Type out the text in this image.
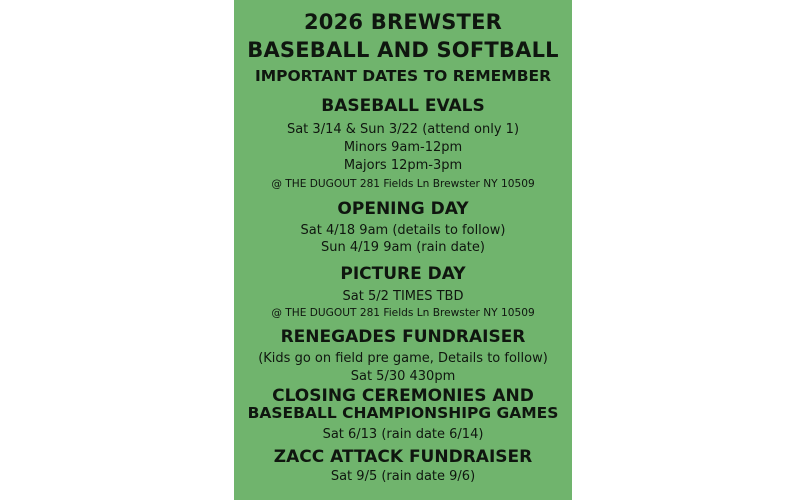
2026 BREWSTER
BASEBALL AND SOFTBALL
IMPORTANT DATES TO REMEMBER
BASEBALL EVALS
Sat 3/14 & Sun 3/22 (attend only 1)
Minors 9am-12pm
Majors 12pm-3pm
@ THE DUGOUT 281 Fields Ln Brewster NY 10509
OPENING DAY
Sat 4/18 9am (details to follow)
Sun 4/19 9am (rain date)
PICTURE DAY
Sat 5/2 TIMES TBD
@ THE DUGOUT 281 Fields Ln Brewster NY 10509
RENEGADES FUNDRAISER
(Kids go on field pre game, Details to follow)
Sat 5/30 430pm
CLOSING CEREMONIES AND
BASEBALL CHAMPIONSHIPG GAMES
Sat 6/13 (rain date 6/14)
ZACC ATTACK FUNDRAISER
Sat 9/5 (rain date 9/6)
